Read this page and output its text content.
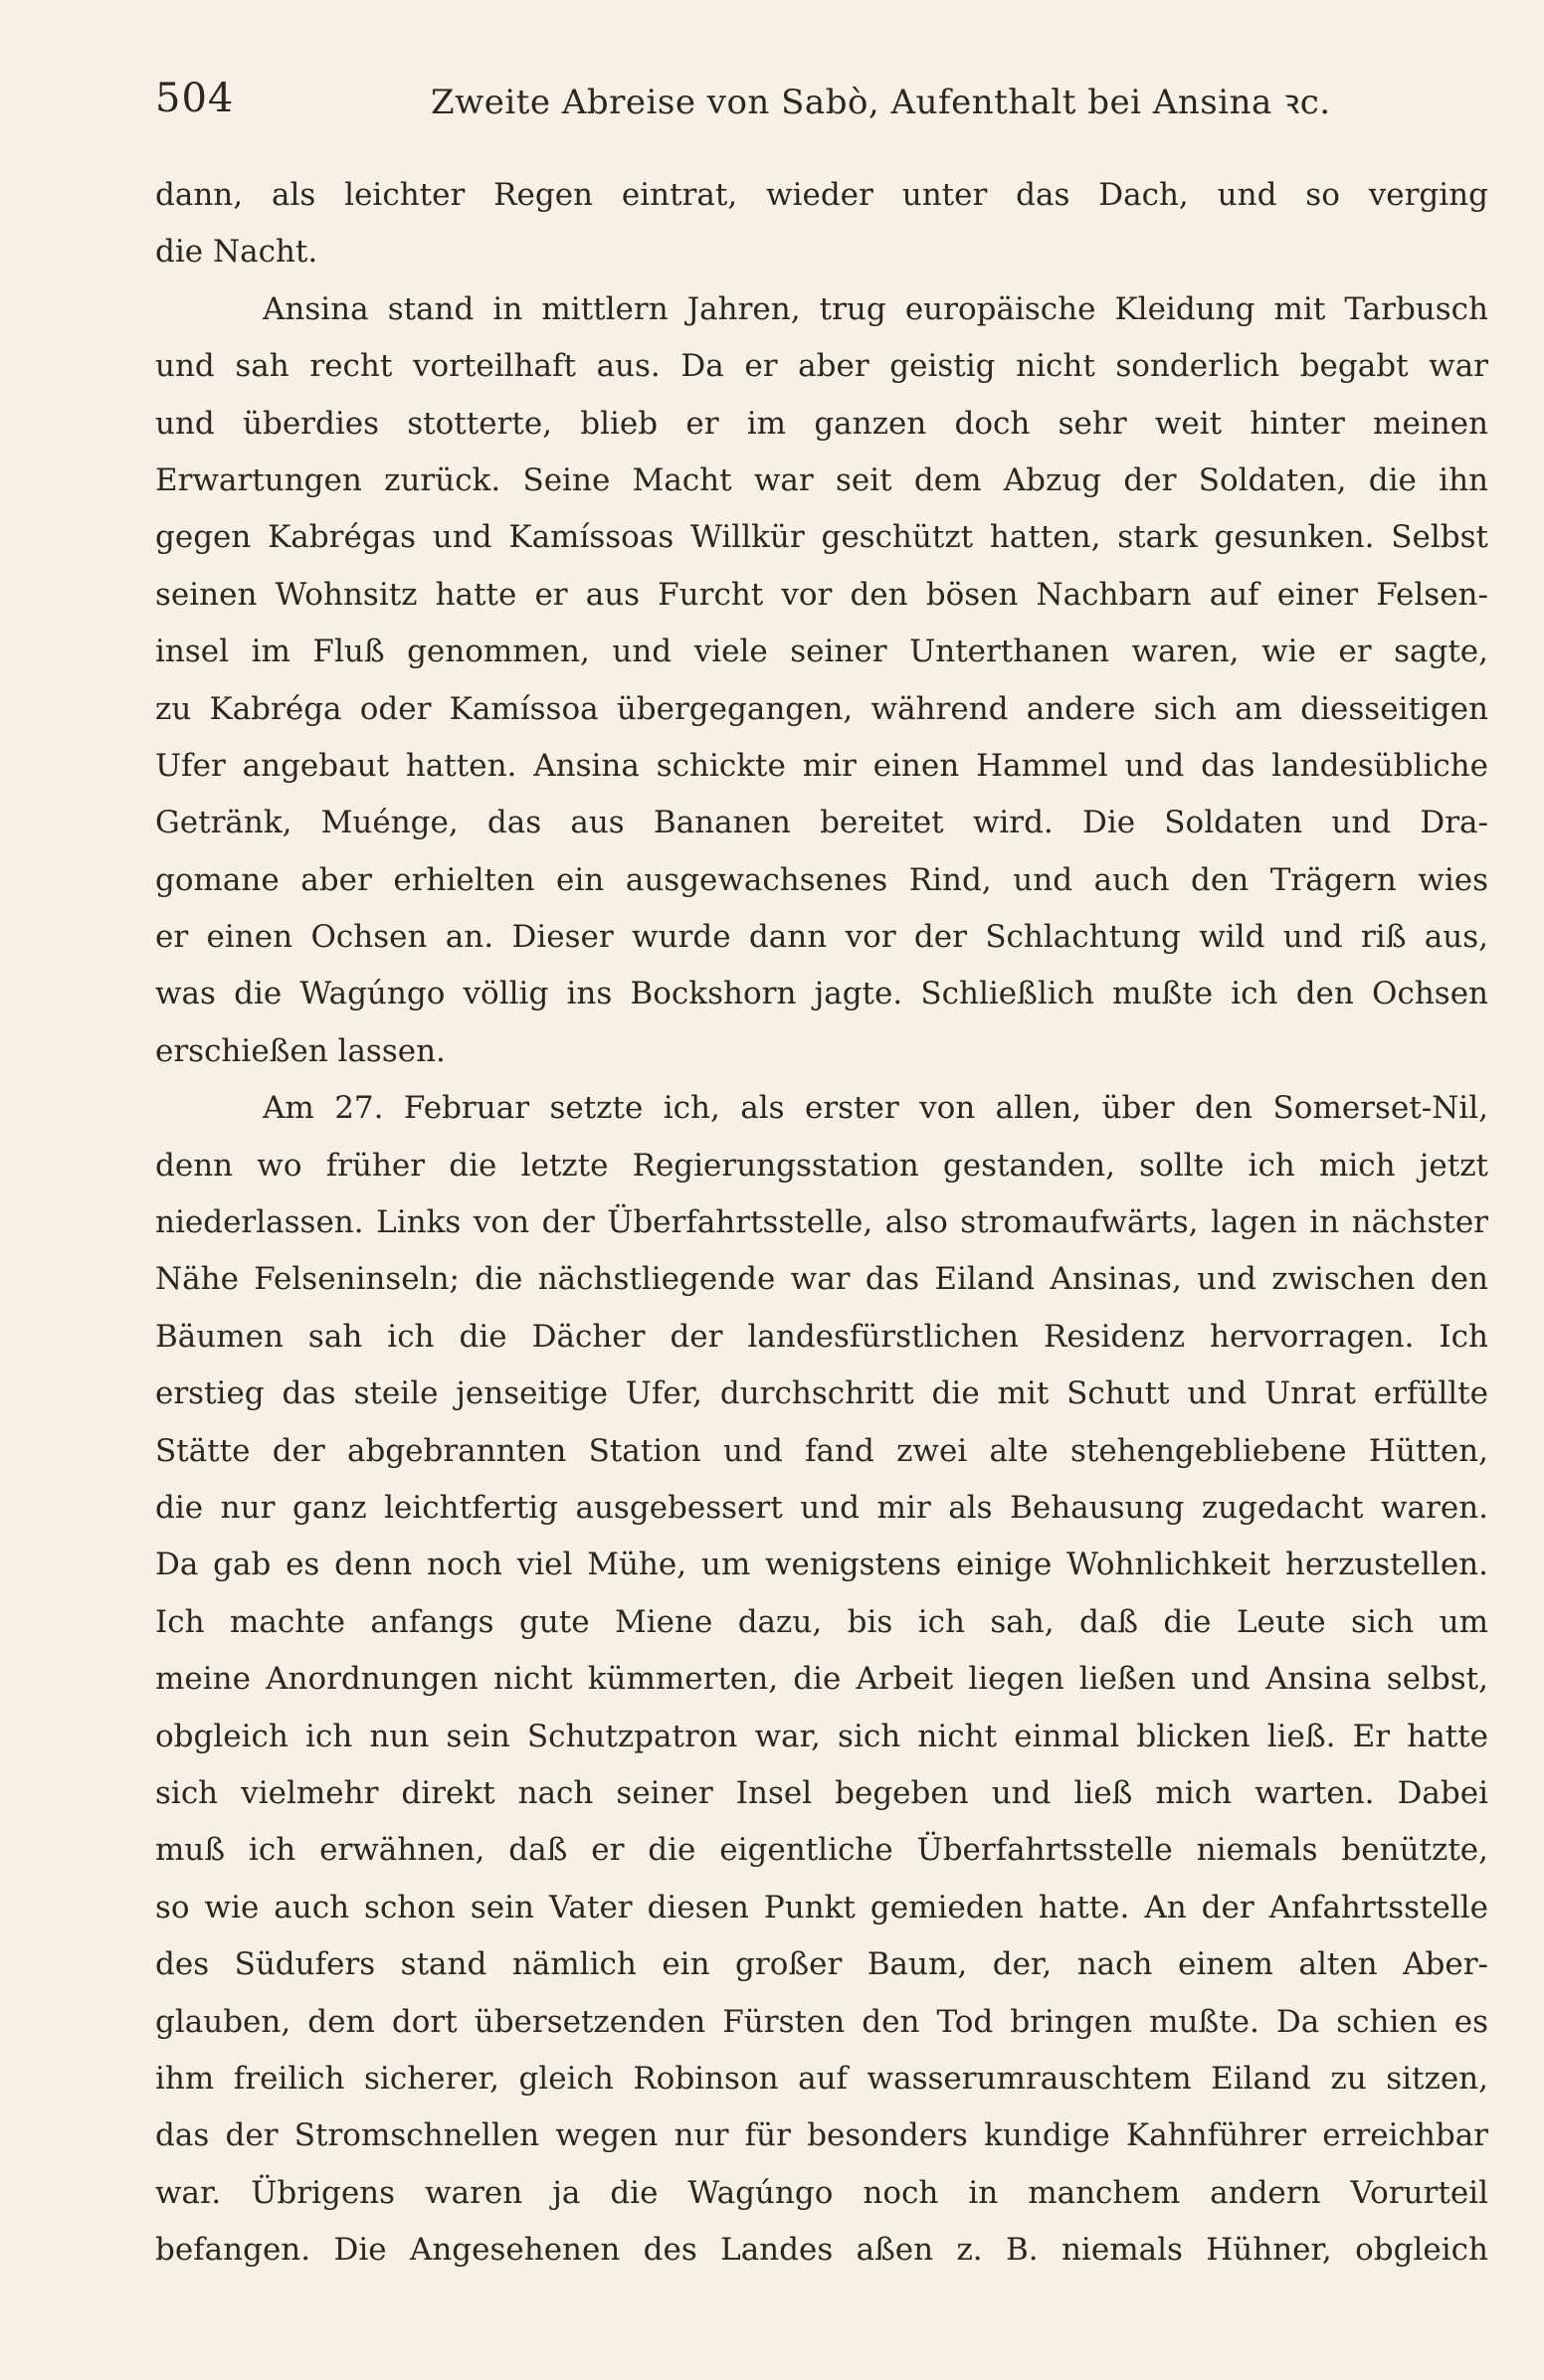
504	Zweite Abreise von Sabò, Aufenthalt bei Ansina ꝛc.
dann, als leichter Regen eintrat, wieder unter das Dach, und so verging
die Nacht.
Ansina stand in mittlern Jahren, trug europäische Kleidung mit Tarbusch
und sah recht vorteilhaft aus. Da er aber geistig nicht sonderlich begabt war
und überdies stotterte, blieb er im ganzen doch sehr weit hinter meinen
Erwartungen zurück. Seine Macht war seit dem Abzug der Soldaten, die ihn
gegen Kabrégas und Kamíssoas Willkür geschützt hatten, stark gesunken. Selbst
seinen Wohnsitz hatte er aus Furcht vor den bösen Nachbarn auf einer Felsen-
insel im Fluß genommen, und viele seiner Unterthanen waren, wie er sagte,
zu Kabréga oder Kamíssoa übergegangen, während andere sich am diesseitigen
Ufer angebaut hatten. Ansina schickte mir einen Hammel und das landesübliche
Getränk, Muénge, das aus Bananen bereitet wird. Die Soldaten und Dra-
gomane aber erhielten ein ausgewachsenes Rind, und auch den Trägern wies
er einen Ochsen an. Dieser wurde dann vor der Schlachtung wild und riß aus,
was die Wagúngo völlig ins Bockshorn jagte. Schließlich mußte ich den Ochsen
erschießen lassen.
Am 27. Februar setzte ich, als erster von allen, über den Somerset-Nil,
denn wo früher die letzte Regierungsstation gestanden, sollte ich mich jetzt
niederlassen. Links von der Überfahrtsstelle, also stromaufwärts, lagen in nächster
Nähe Felseninseln; die nächstliegende war das Eiland Ansinas, und zwischen den
Bäumen sah ich die Dächer der landesfürstlichen Residenz hervorragen. Ich
erstieg das steile jenseitige Ufer, durchschritt die mit Schutt und Unrat erfüllte
Stätte der abgebrannten Station und fand zwei alte stehengebliebene Hütten,
die nur ganz leichtfertig ausgebessert und mir als Behausung zugedacht waren.
Da gab es denn noch viel Mühe, um wenigstens einige Wohnlichkeit herzustellen.
Ich machte anfangs gute Miene dazu, bis ich sah, daß die Leute sich um
meine Anordnungen nicht kümmerten, die Arbeit liegen ließen und Ansina selbst,
obgleich ich nun sein Schutzpatron war, sich nicht einmal blicken ließ. Er hatte
sich vielmehr direkt nach seiner Insel begeben und ließ mich warten. Dabei
muß ich erwähnen, daß er die eigentliche Überfahrtsstelle niemals benützte,
so wie auch schon sein Vater diesen Punkt gemieden hatte. An der Anfahrtsstelle
des Südufers stand nämlich ein großer Baum, der, nach einem alten Aber-
glauben, dem dort übersetzenden Fürsten den Tod bringen mußte. Da schien es
ihm freilich sicherer, gleich Robinson auf wasserumrauschtem Eiland zu sitzen,
das der Stromschnellen wegen nur für besonders kundige Kahnführer erreichbar
war. Übrigens waren ja die Wagúngo noch in manchem andern Vorurteil
befangen. Die Angesehenen des Landes aßen z. B. niemals Hühner, obgleich
